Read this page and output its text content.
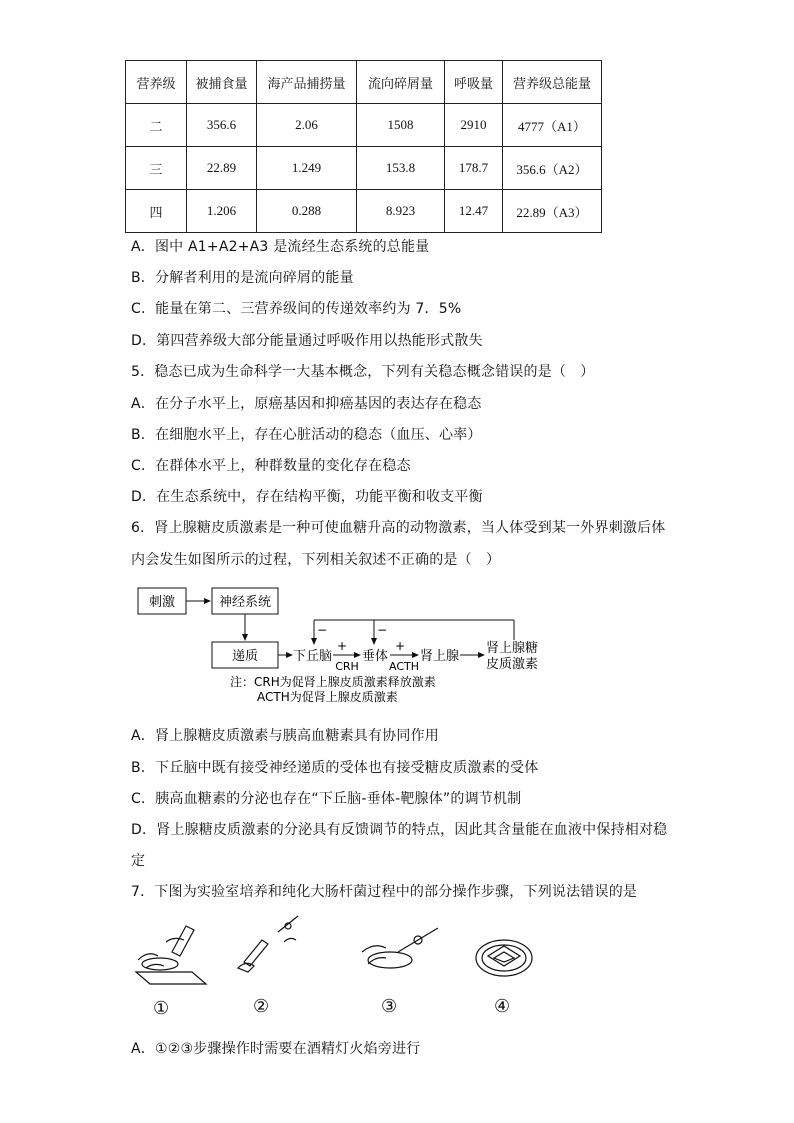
营养级	被捕食量	海产品捕捞量	流向碎屑量	呼吸量	营养级总能量
二	356.6	2.06	1508	2910	4777（A1）
三	22.89	1.249	153.8	178.7	356.6（A2）
四	1.206	0.288	8.923	12.47	22.89（A3）
A．图中 A1+A2+A3 是流经生态系统的总能量
B．分解者利用的是流向碎屑的能量
C．能量在第二、三营养级间的传递效率约为 7．5%
D．第四营养级大部分能量通过呼吸作用以热能形式散失
5．稳态已成为生命科学一大基本概念，下列有关稳态概念错误的是（　）
A．在分子水平上，原癌基因和抑癌基因的表达存在稳态
B．在细胞水平上，存在心脏活动的稳态（血压、心率）
C．在群体水平上，种群数量的变化存在稳态
D．在生态系统中，存在结构平衡，功能平衡和收支平衡
6．肾上腺糖皮质激素是一种可使血糖升高的动物激素，当人体受到某一外界刺激后体
内会发生如图所示的过程，下列相关叙述不正确的是（　）
刺激	神经系统
递质	下丘脑
+
CRH
垂体
+
ACTH
肾上腺
肾上腺糖
皮质激素
−	−
注：CRH为促肾上腺皮质激素释放激素
ACTH为促肾上腺皮质激素
A．肾上腺糖皮质激素与胰高血糖素具有协同作用
B．下丘脑中既有接受神经递质的受体也有接受糖皮质激素的受体
C．胰高血糖素的分泌也存在“下丘脑-垂体-靶腺体”的调节机制
D．肾上腺糖皮质激素的分泌具有反馈调节的特点，因此其含量能在血液中保持相对稳
定
7．下图为实验室培养和纯化大肠杆菌过程中的部分操作步骤，下列说法错误的是
①	②	③	④
A．①②③步骤操作时需要在酒精灯火焰旁进行
